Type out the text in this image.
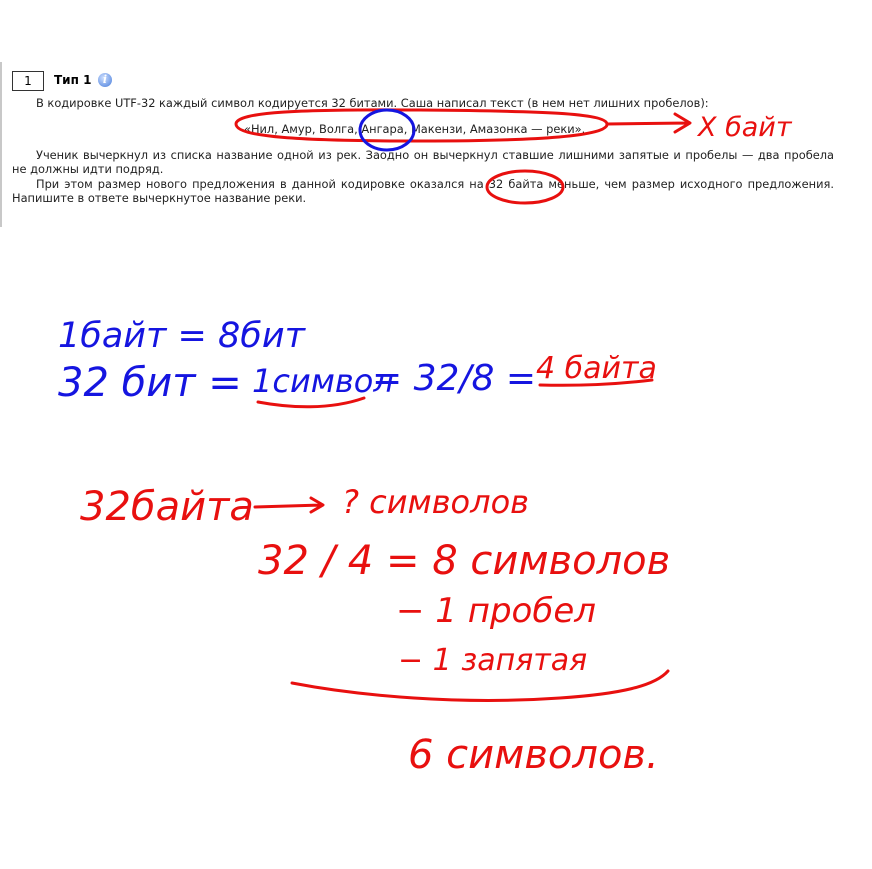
1	Тип 1	i

В кодировке UTF-32 каждый символ кодируется 32 битами. Саша написал текст (в нем нет лишних пробелов):

«Нил, Амур, Волга, Ангара, Макензи, Амазонка — реки».

Ученик вычеркнул из списка название одной из рек. Заодно он вычеркнул ставшие лишними запятые и пробелы — два пробела не должны идти подряд.

При этом размер нового предложения в данной кодировке оказался на 32 байта меньше, чем размер исходного предложения. Напишите в ответе вычеркнутое название реки.

X байт
1байт = 8бит
32 бит = 1символ
= 32/8 = 4 байта
32байта	? символов
32 / 4 = 8 символов
− 1 пробел
− 1 запятая
6 символов.
